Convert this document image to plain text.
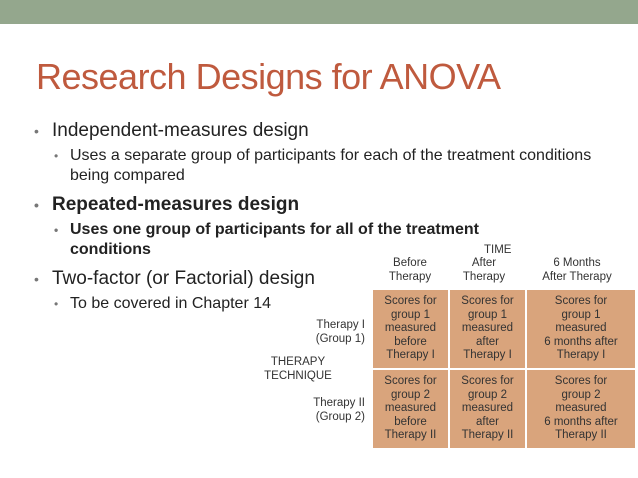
Research Designs for ANOVA
• Independent-measures design
• Uses a separate group of participants for each of the treatment conditions being compared
• Repeated-measures design
• Uses one group of participants for all of the treatment conditions
• Two-factor (or Factorial) design
• To be covered in Chapter 14
TIME
Before
Therapy
After
Therapy
6 Months
After Therapy
THERAPY
TECHNIQUE
Therapy I
(Group 1)
Therapy II
(Group 2)
Scores for
group 1
measured
before
Therapy I
Scores for
group 1
measured
after
Therapy I
Scores for
group 1
measured
6 months after
Therapy I
Scores for
group 2
measured
before
Therapy II
Scores for
group 2
measured
after
Therapy II
Scores for
group 2
measured
6 months after
Therapy II
